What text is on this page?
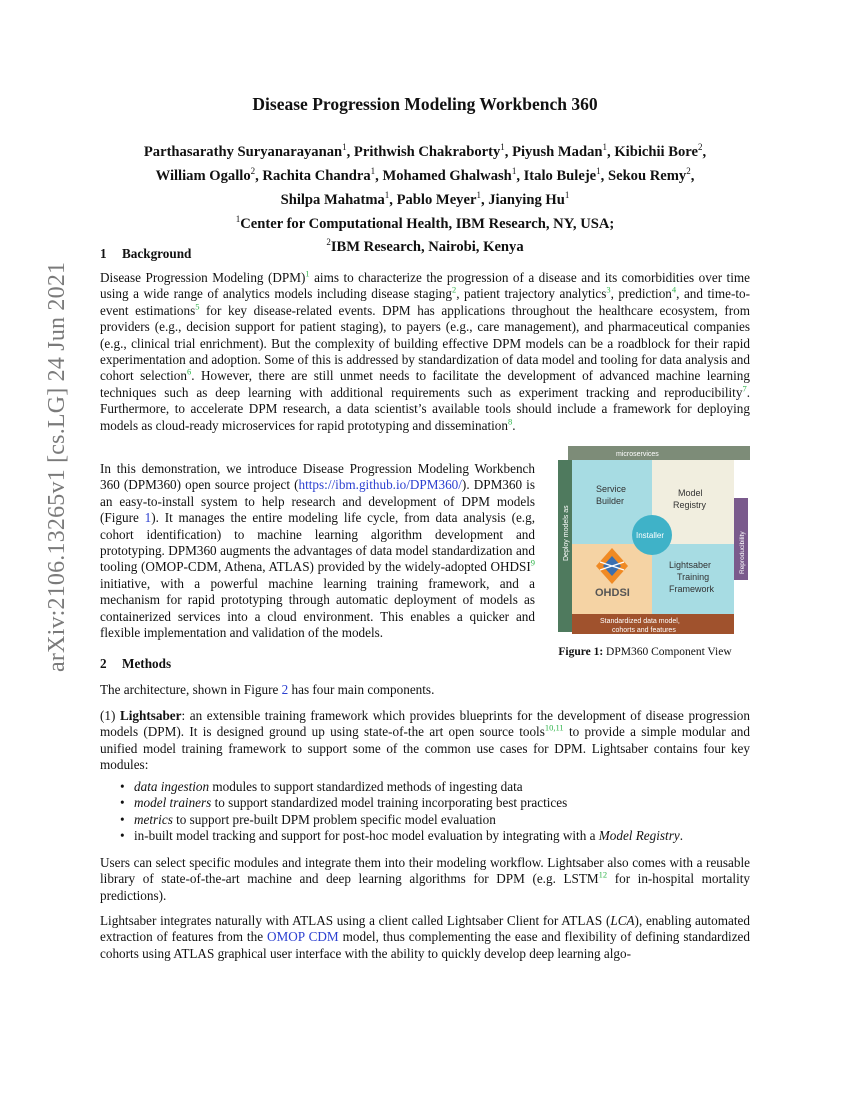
arXiv:2106.13265v1 [cs.LG] 24 Jun 2021
Disease Progression Modeling Workbench 360
Parthasarathy Suryanarayanan$^1$, Prithwish Chakraborty$^1$, Piyush Madan$^1$, Kibichii Bore$^2$,
William Ogallo$^2$, Rachita Chandra$^1$, Mohamed Ghalwash$^1$, Italo Buleje$^1$, Sekou Remy$^2$,
Shilpa Mahatma$^1$, Pablo Meyer$^1$, Jianying Hu$^1$
$^1$Center for Computational Health, IBM Research, NY, USA;
$^2$IBM Research, Nairobi, Kenya
1 Background

Disease Progression Modeling (DPM)$^1$ aims to characterize the progression of a disease and its comorbidities over time using a wide range of analytics models including disease staging$^2$, patient trajectory analytics$^3$, prediction$^4$, and time-to-event estimations$^5$ for key disease-related events. DPM has applications throughout the healthcare ecosystem, from providers (e.g., decision support for patient staging), to payers (e.g., care management), and pharmaceutical companies (e.g., clinical trial enrichment). But the complexity of building effective DPM models can be a roadblock for their rapid experimentation and adoption. Some of this is addressed by standardization of data model and tooling for data analysis and cohort selection$^6$. However, there are still unmet needs to facilitate the development of advanced machine learning techniques such as deep learning with additional requirements such as experiment tracking and reproducibility$^7$. Furthermore, to accelerate DPM research, a data scientist’s available tools should include a framework for deploying models as cloud-ready microservices for rapid prototyping and dissemination$^8$.

In this demonstration, we introduce Disease Progression Modeling Workbench 360 (DPM360) open source project (https://ibm.github.io/DPM360/). DPM360 is an easy-to-install system to help research and development of DPM models (Figure 1). It manages the entire modeling life cycle, from data analysis (e.g, cohort identification) to machine learning algorithm development and prototyping. DPM360 augments the advantages of data model standardization and tooling (OMOP-CDM, Athena, ATLAS) provided by the widely-adopted OHDSI$^9$ initiative, with a powerful machine learning training framework, and a mechanism for rapid prototyping through automatic deployment of models as containerized services into a cloud environment. This enables a quicker and flexible implementation and validation of the models.

2 Methods

The architecture, shown in Figure 2 has four main components.

(1) Lightsaber: an extensible training framework which provides blueprints for the development of disease progression models (DPM). It is designed ground up using state-of-the art open source tools$^{10,11}$ to provide a simple modular and unified model training framework to support some of the common use cases for DPM. Lightsaber contains four key modules:

• data ingestion modules to support standardized methods of ingesting data
• model trainers to support standardized model training incorporating best practices
• metrics to support pre-built DPM problem specific model evaluation
• in-built model tracking and support for post-hoc model evaluation by integrating with a Model Registry.

Users can select specific modules and integrate them into their modeling workflow. Lightsaber also comes with a reusable library of state-of-the-art machine and deep learning algorithms for DPM (e.g. LSTM$^{12}$ for in-hospital mortality predictions).

Lightsaber integrates naturally with ATLAS using a client called Lightsaber Client for ATLAS (LCA), enabling automated extraction of features from the OMOP CDM model, thus complementing the ease and flexibility of defining standardized cohorts using ATLAS graphical user interface with the ability to quickly develop deep learning algo-

microservices
Deploy models as
Service
Builder
Model
Registry
Reproducibility
OHDSI
Lightsaber
Training
Framework
Installer
Standardized data model,
cohorts and features
Figure 1: DPM360 Component View
